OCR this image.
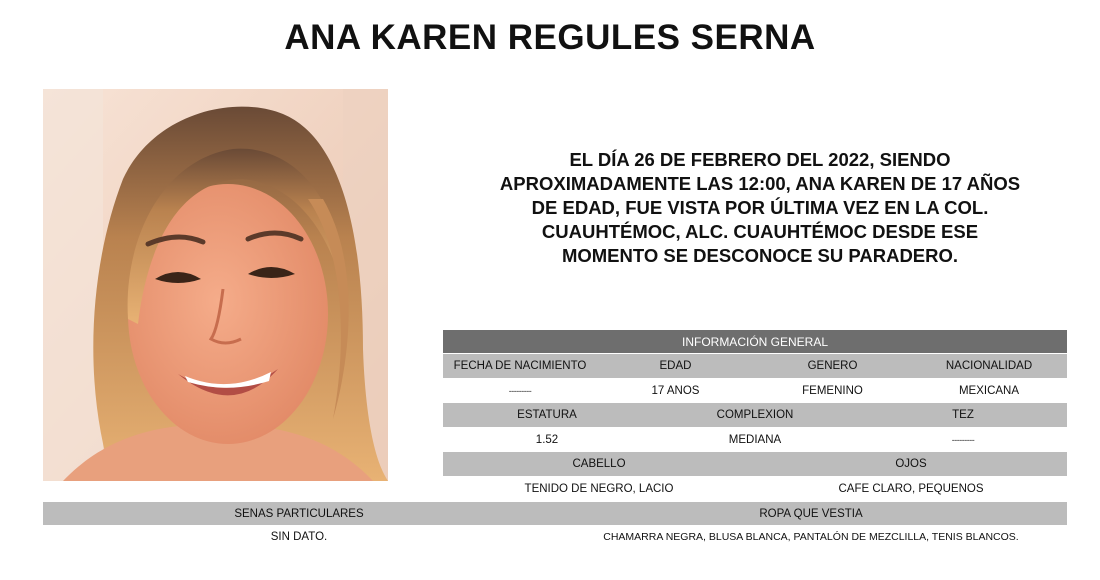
ANA KAREN REGULES SERNA
EL DÍA 26 DE FEBRERO DEL 2022, SIENDO
APROXIMADAMENTE LAS 12:00, ANA KAREN DE 17 AÑOS
DE EDAD, FUE VISTA POR ÚLTIMA VEZ EN LA COL.
CUAUHTÉMOC, ALC. CUAUHTÉMOC DESDE ESE
MOMENTO SE DESCONOCE SU PARADERO.
INFORMACIÓN GENERAL
FECHA DE NACIMIENTO	EDAD	GÉNERO	NACIONALIDAD
---------	17 AÑOS	FEMENINO	MEXICANA
ESTATURA	COMPLEXIÓN	TEZ
1.52	MEDIANA	---------
CABELLO	OJOS
TEÑIDO DE NEGRO, LACIO	CAFE CLARO, PEQUEÑOS
SEÑAS PARTICULARES	ROPA QUE VESTÍA
SIN DATO.	CHAMARRA NEGRA, BLUSA BLANCA, PANTALÓN DE MEZCLILLA, TENIS BLANCOS.
